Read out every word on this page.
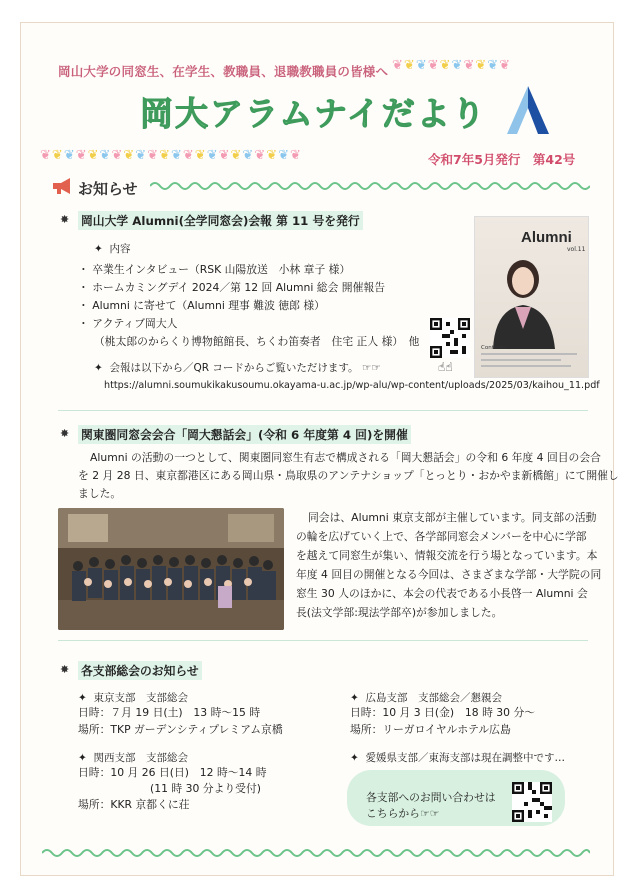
❦❦❦❦❦❦❦❦❦❦
岡山大学の同窓生、在学生、教職員、退職教職員の皆様へ
岡大アラムナイだより
❦❦❦❦❦❦❦❦❦❦❦❦❦❦❦❦❦❦❦❦❦❦	令和7年5月発行　第42号
お知らせ
✸ 岡山大学 Alumni(全学同窓会)会報 第 11 号を発行
✦ 内容
・ 卒業生インタビュー（RSK 山陽放送　小林 章子 様）
・ ホームカミングデイ 2024／第 12 回 Alumni 総会 開催報告
・ Alumni に寄せて（Alumni 理事 難波 徳郎 様）
・ アクティブ岡大人
（桃太郎のからくり博物館館長、ちくわ笛奏者　住宅 正人 様）　他
✦ 会報は以下から／QR コードからご覧いただけます。 ☞☞
https://alumni.soumukikakusoumu.okayama-u.ac.jp/wp-alu/wp-content/uploads/2025/03/kaihou_11.pdf
☝☝
Alumni
vol.11
Contents
✸ 関東圏同窓会会合「岡大懇話会」(令和 6 年度第 4 回)を開催
Alumni の活動の一つとして、関東圏同窓生有志で構成される「岡大懇話会」の令和 6 年度 4 回目の会合
を 2 月 28 日、東京都港区にある岡山県・鳥取県のアンテナショップ「とっとり・おかやま新橋館」にて開催し
ました。
同会は、Alumni 東京支部が主催しています。同支部の活動
の輪を広げていく上で、各学部同窓会メンバーを中心に学部
を越えて同窓生が集い、情報交流を行う場となっています。本
年度 4 回目の開催となる今回は、さまざまな学部・大学院の同
窓生 30 人のほかに、本会の代表である小長啓一 Alumni 会
長(法文学部:現法学部卒)が参加しました。
✸ 各支部総会のお知らせ
✦ 東京支部　支部総会
日時：７月 19 日(土)　13 時～15 時
場所：TKP ガーデンシティプレミアム京橋
✦ 関西支部　支部総会
日時：10 月 26 日(日)　12 時～14 時
(11 時 30 分より受付)
場所：KKR 京都くに荘
✦ 広島支部　支部総会／懇親会
日時：10 月 3 日(金)　18 時 30 分～
場所：リーガロイヤルホテル広島
✦ 愛媛県支部／東海支部は現在調整中です…
各支部へのお問い合わせは
こちらから☞☞
